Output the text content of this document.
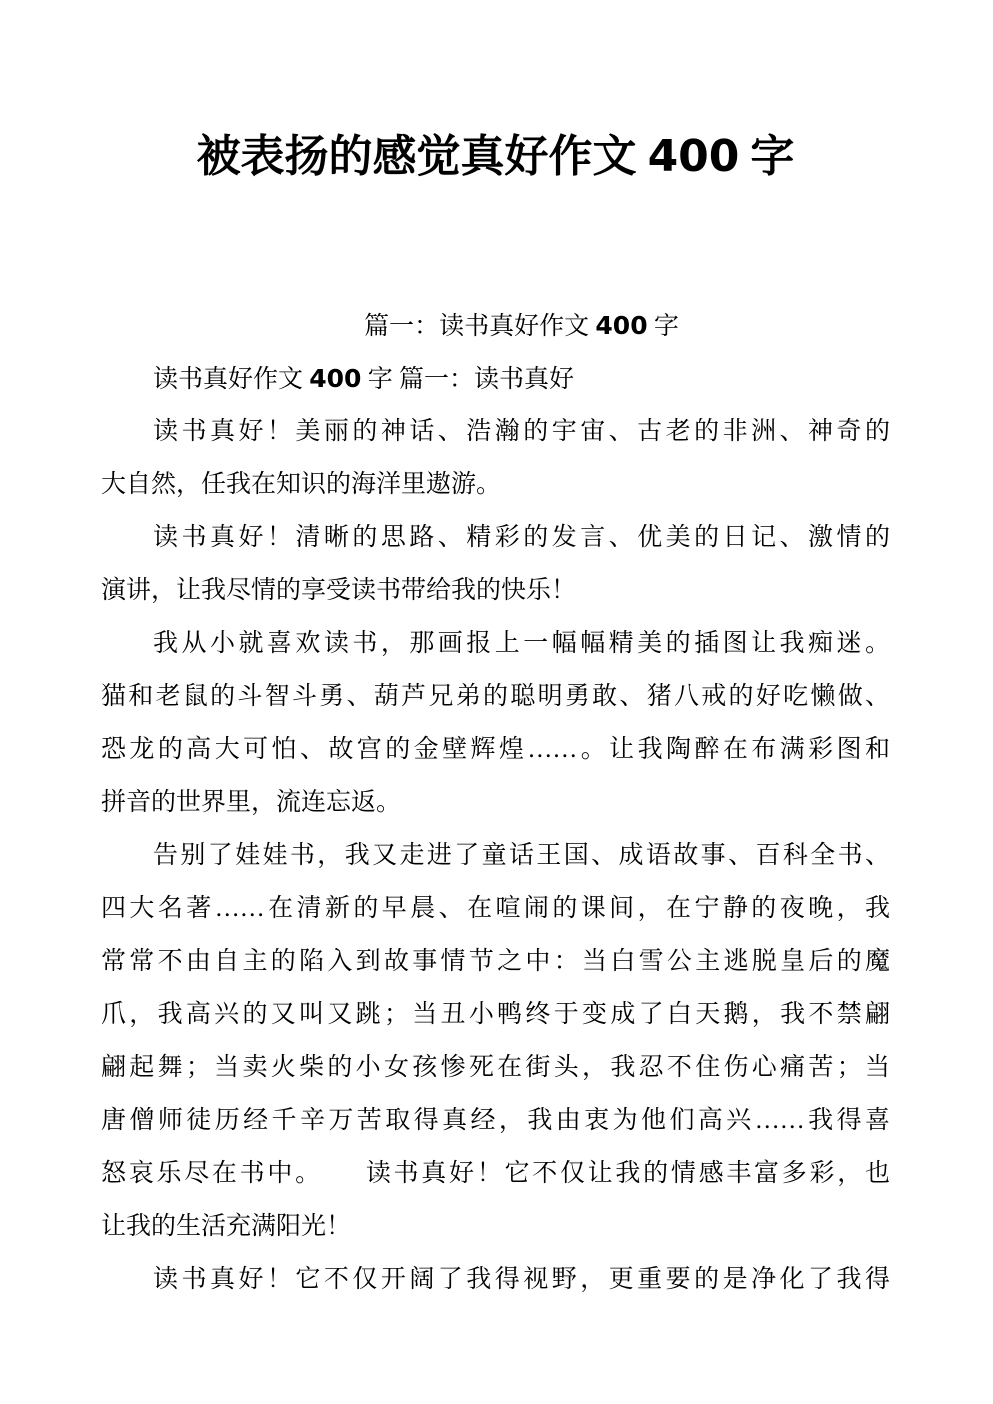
被表扬的感觉真好作文 400 字
篇一：读书真好作文 400 字
读书真好作文 400 字 篇一：读书真好
读书真好！美丽的神话、浩瀚的宇宙、古老的非洲、神奇的
大自然，任我在知识的海洋里遨游。
读书真好！清晰的思路、精彩的发言、优美的日记、激情的
演讲，让我尽情的享受读书带给我的快乐！
我从小就喜欢读书，那画报上一幅幅精美的插图让我痴迷。
猫和老鼠的斗智斗勇、葫芦兄弟的聪明勇敢、猪八戒的好吃懒做、
恐龙的高大可怕、故宫的金壁辉煌……。让我陶醉在布满彩图和
拼音的世界里，流连忘返。
告别了娃娃书，我又走进了童话王国、成语故事、百科全书、
四大名著……在清新的早晨、在喧闹的课间，在宁静的夜晚，我
常常不由自主的陷入到故事情节之中：当白雪公主逃脱皇后的魔
爪，我高兴的又叫又跳；当丑小鸭终于变成了白天鹅，我不禁翩
翩起舞；当卖火柴的小女孩惨死在街头，我忍不住伤心痛苦；当
唐僧师徒历经千辛万苦取得真经，我由衷为他们高兴……我得喜
怒哀乐尽在书中。　　读书真好！它不仅让我的情感丰富多彩，也
让我的生活充满阳光！
读书真好！它不仅开阔了我得视野，更重要的是净化了我得
